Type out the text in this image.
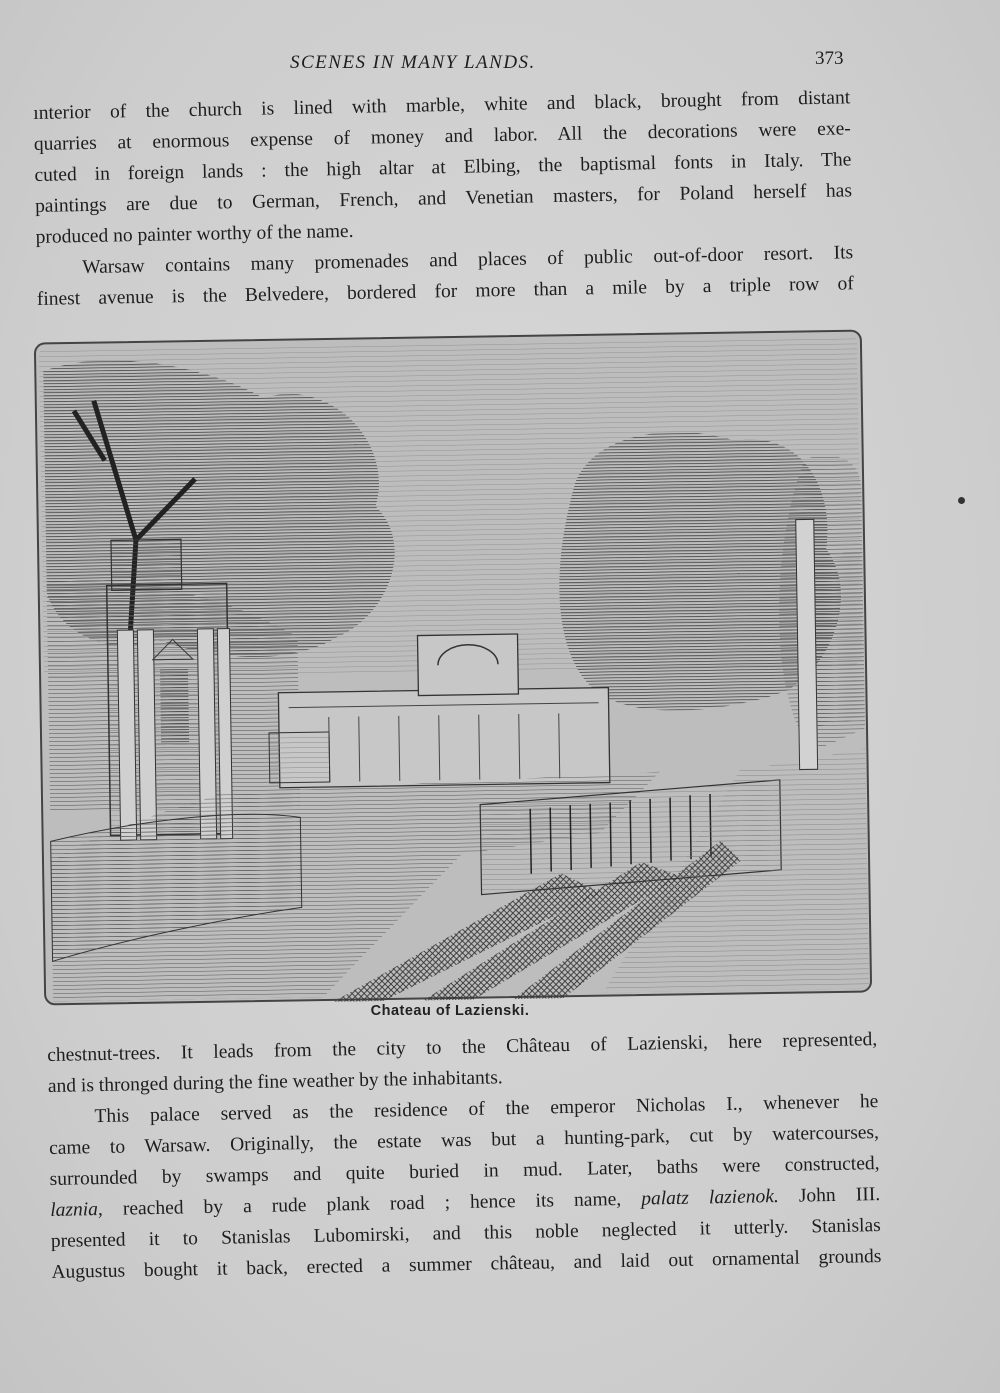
SCENES IN MANY LANDS.	373
ınterior of the church is lined with marble, white and black, brought from distant
quarries at enormous expense of money and labor. All the decorations were exe-
cuted in foreign lands : the high altar at Elbing, the baptismal fonts in Italy. The
paintings are due to German, French, and Venetian masters, for Poland herself has
produced no painter worthy of the name.
Warsaw contains many promenades and places of public out-of-door resort. Its
finest avenue is the Belvedere, bordered for more than a mile by a triple row of
Chateau of Lazienski.
chestnut-trees. It leads from the city to the Château of Lazienski, here represented,
and is thronged during the fine weather by the inhabitants.
This palace served as the residence of the emperor Nicholas I., whenever he
came to Warsaw. Originally, the estate was but a hunting-park, cut by watercourses,
surrounded by swamps and quite buried in mud. Later, baths were constructed,
laznia, reached by a rude plank road ; hence its name, palatz lazienok. John III.
presented it to Stanislas Lubomirski, and this noble neglected it utterly. Stanislas
Augustus bought it back, erected a summer château, and laid out ornamental grounds
